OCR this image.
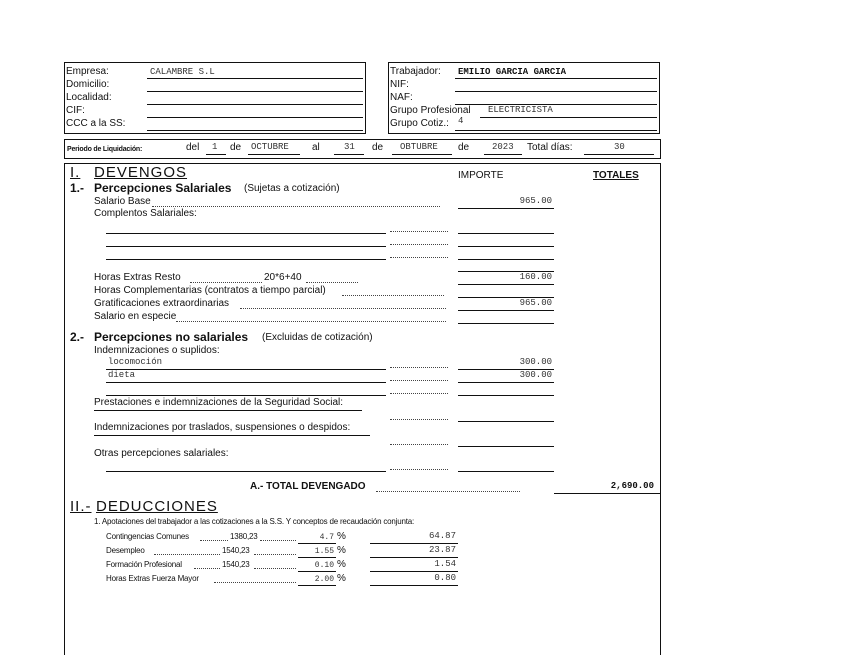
Empresa:	CALAMBRE S.L
Domicilio:
Localidad:
CIF:
CCC a la SS:
Trabajador: EMILIO GARCIA GARCIA
NIF:
NAF:
Grupo Profesional ELECTRICISTA
Grupo Cotiz.: 4
Periodo de Liquidación:	del 1 de OCTUBRE al	31 de OBTUBRE de	2023 Total días:	30
I. DEVENGOS	IMPORTE	TOTALES
1.- Percepciones Salariales (Sujetas a cotización)
Salario Base	965.00
Complentos Salariales:
Horas Extras Resto	20*6+40	160.00
Horas Complementarias (contratos a tiempo parcial)
Gratificaciones extraordinarias	965.00
Salario en especie
2.- Percepciones no salariales (Excluidas de cotización)
Indemnizaciones o suplidos:
locomoción	300.00
dieta	300.00
Prestaciones e indemnizaciones de la Seguridad Social:
Indemnizaciones por traslados, suspensiones o despidos:
Otras percepciones salariales:
A.- TOTAL DEVENGADO	2,690.00
II.- DEDUCCIONES
1. Apotaciones del trabajador a las cotizaciones a la S.S. Y conceptos de recaudación conjunta:
Contingencias Comunes	1380,23	4.7 %	64.87
Desempleo	1540,23	1.55 %	23.87
Formación Profesional	1540,23	0.10 %	1.54
Horas Extras Fuerza Mayor	2.00 %	0.80
